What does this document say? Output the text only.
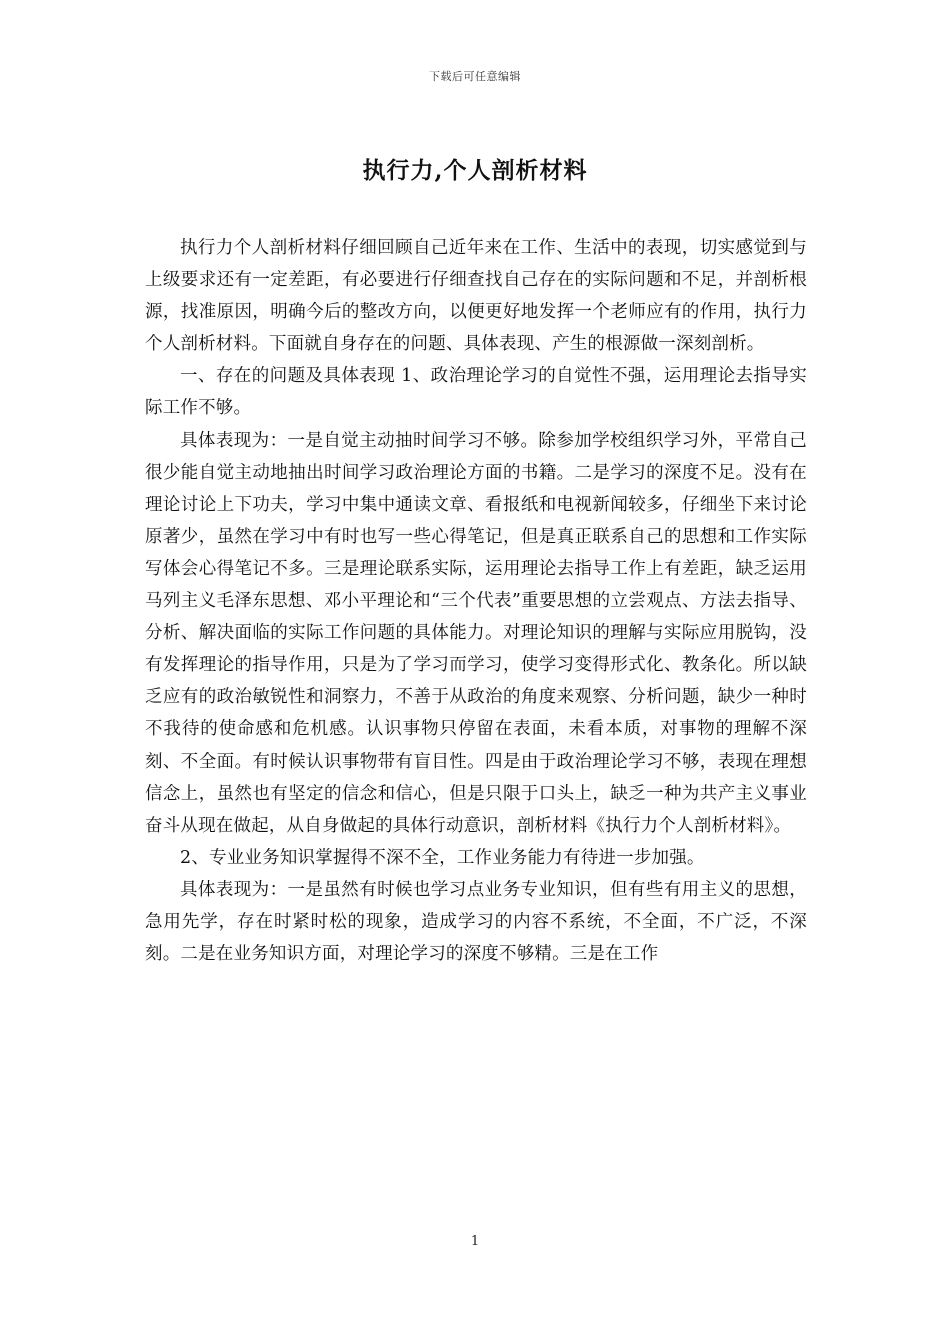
下载后可任意编辑
执行力,个人剖析材料

执行力个人剖析材料仔细回顾自己近年来在工作、生活中的表现，切实感觉到与上级要求还有一定差距，有必要进行仔细查找自己存在的实际问题和不足，并剖析根源，找准原因，明确今后的整改方向，以便更好地发挥一个老师应有的作用，执行力个人剖析材料。下面就自身存在的问题、具体表现、产生的根源做一深刻剖析。

一、存在的问题及具体表现 1、政治理论学习的自觉性不强，运用理论去指导实际工作不够。

具体表现为：一是自觉主动抽时间学习不够。除参加学校组织学习外，平常自己很少能自觉主动地抽出时间学习政治理论方面的书籍。二是学习的深度不足。没有在理论讨论上下功夫，学习中集中通读文章、看报纸和电视新闻较多，仔细坐下来讨论原著少，虽然在学习中有时也写一些心得笔记，但是真正联系自己的思想和工作实际写体会心得笔记不多。三是理论联系实际，运用理论去指导工作上有差距，缺乏运用马列主义毛泽东思想、邓小平理论和“三个代表”重要思想的立尝观点、方法去指导、分析、解决面临的实际工作问题的具体能力。对理论知识的理解与实际应用脱钩，没有发挥理论的指导作用，只是为了学习而学习，使学习变得形式化、教条化。所以缺乏应有的政治敏锐性和洞察力，不善于从政治的角度来观察、分析问题，缺少一种时不我待的使命感和危机感。认识事物只停留在表面，未看本质，对事物的理解不深刻、不全面。有时候认识事物带有盲目性。四是由于政治理论学习不够，表现在理想信念上，虽然也有坚定的信念和信心，但是只限于口头上，缺乏一种为共产主义事业奋斗从现在做起，从自身做起的具体行动意识，剖析材料《执行力个人剖析材料》。

2、专业业务知识掌握得不深不全，工作业务能力有待进一步加强。

具体表现为：一是虽然有时候也学习点业务专业知识，但有些有用主义的思想，急用先学，存在时紧时松的现象，造成学习的内容不系统，不全面，不广泛，不深刻。二是在业务知识方面，对理论学习的深度不够精。三是在工作

1
